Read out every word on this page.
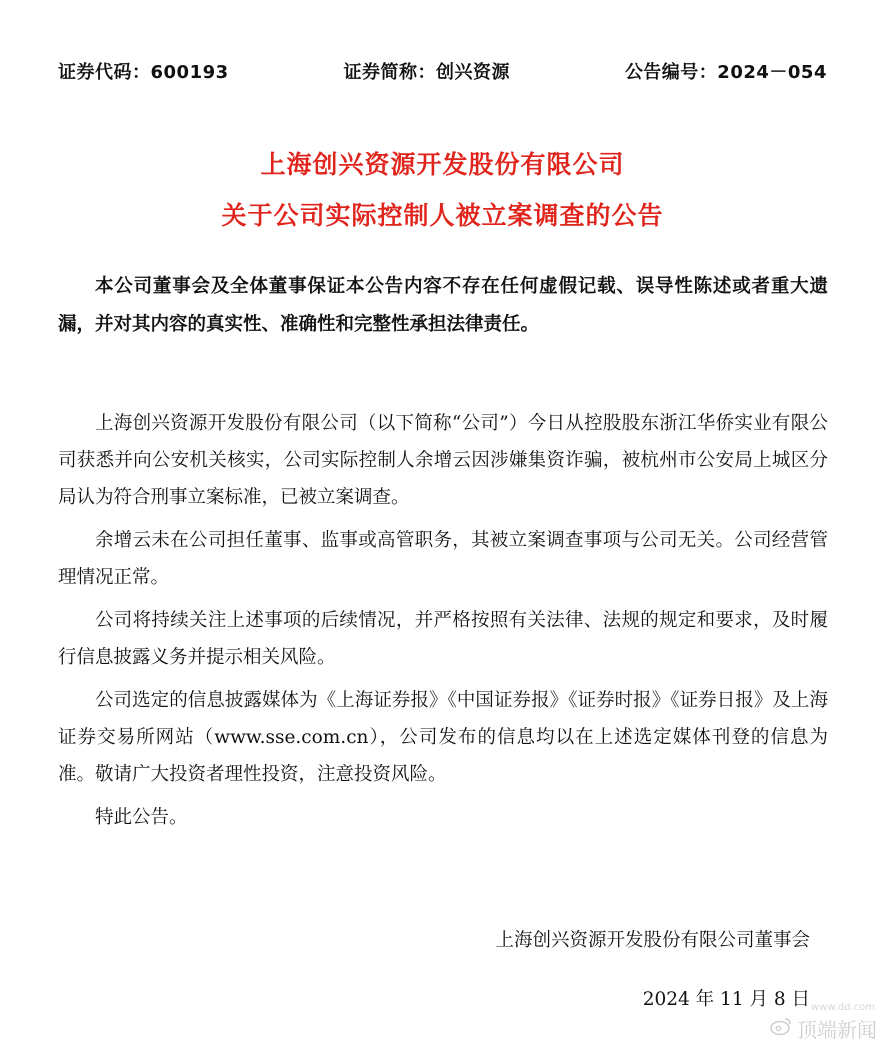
证券代码：600193	证券简称：创兴资源	公告编号：2024－054
上海创兴资源开发股份有限公司
关于公司实际控制人被立案调查的公告
本公司董事会及全体董事保证本公告内容不存在任何虚假记载、误导性陈述或者重大遗漏，并对其内容的真实性、准确性和完整性承担法律责任。

上海创兴资源开发股份有限公司（以下简称“公司”）今日从控股股东浙江华侨实业有限公司获悉并向公安机关核实，公司实际控制人余增云因涉嫌集资诈骗，被杭州市公安局上城区分局认为符合刑事立案标准，已被立案调查。

余增云未在公司担任董事、监事或高管职务，其被立案调查事项与公司无关。公司经营管理情况正常。

公司将持续关注上述事项的后续情况，并严格按照有关法律、法规的规定和要求，及时履行信息披露义务并提示相关风险。

公司选定的信息披露媒体为《上海证券报》《中国证券报》《证券时报》《证券日报》及上海证券交易所网站（www.sse.com.cn），公司发布的信息均以在上述选定媒体刊登的信息为准。敬请广大投资者理性投资，注意投资风险。

特此公告。

上海创兴资源开发股份有限公司董事会
2024 年 11 月 8 日 www.dd.com
顶端新闻
